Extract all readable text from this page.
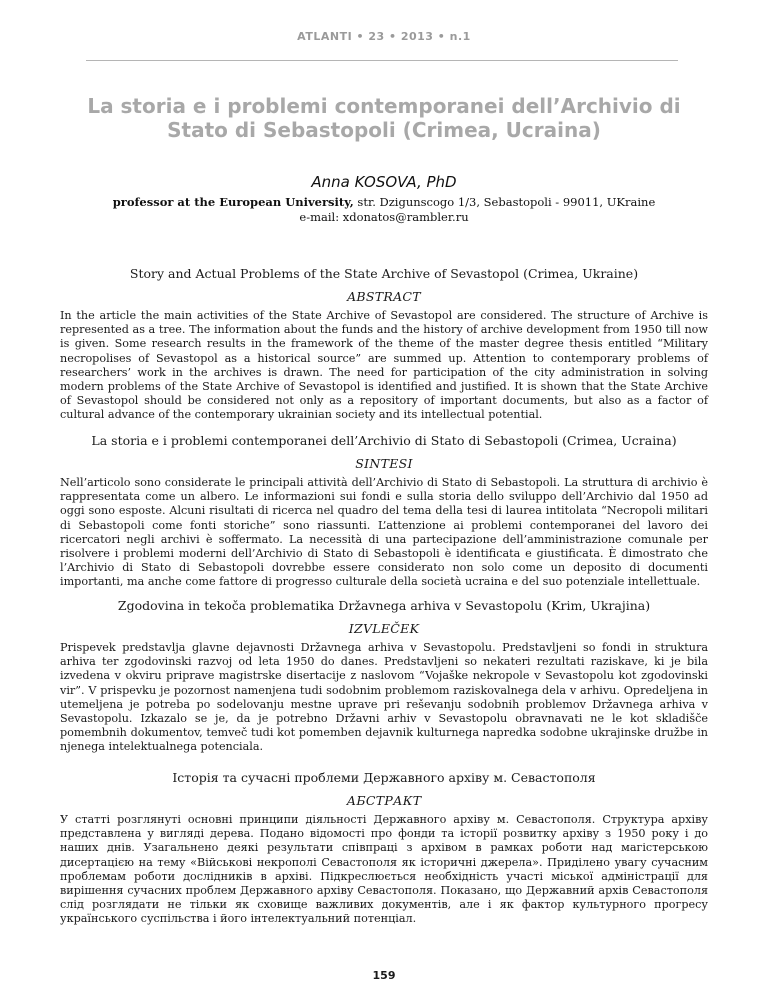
ATLANTI • 23 • 2013 • n.1
La storia e i problemi contemporanei dell’Archivio di Stato di Sebastopoli (Crimea, Ucraina)
Anna KOSOVA, PhD
professor at the European University, str. Dzigunscogo 1/3, Sebastopoli - 99011, UKraine
e-mail: xdonatos@rambler.ru
Story and Actual Problems of the State Archive of Sevastopol (Crimea, Ukraine)
ABSTRACT
In the article the main activities of the State Archive of Sevastopol are considered. The structure of Archive is represented as a tree. The information about the funds and the history of archive development from 1950 till now is given. Some research results in the framework of the theme of the master degree thesis entitled “Military necropolises of Sevastopol as a historical source” are summed up. Attention to contemporary problems of researchers’ work in the archives is drawn. The need for participation of the city administration in solving modern problems of the State Archive of Sevastopol is identified and justified. It is shown that the State Archive of Sevastopol should be considered not only as a repository of important documents, but also as a factor of cultural advance of the contemporary ukrainian society and its intellectual potential.
La storia e i problemi contemporanei dell’Archivio di Stato di Sebastopoli (Crimea, Ucraina)
SINTESI
Nell’articolo sono considerate le principali attività dell’Archivio di Stato di Sebastopoli. La struttura di archivio è rappresentata come un albero. Le informazioni sui fondi e sulla storia dello sviluppo dell’Archivio dal 1950 ad oggi sono esposte. Alcuni risultati di ricerca nel quadro del tema della tesi di laurea intitolata “Necropoli militari di Sebastopoli come fonti storiche” sono riassunti. L’attenzione ai problemi contemporanei del lavoro dei ricercatori negli archivi è soffermato. La necessità di una partecipazione dell’amministrazione comunale per risolvere i problemi moderni dell’Archivio di Stato di Sebastopoli è identificata e giustificata. È dimostrato che l’Archivio di Stato di Sebastopoli dovrebbe essere considerato non solo come un deposito di documenti importanti, ma anche come fattore di progresso culturale della società ucraina e del suo potenziale intellettuale.
Zgodovina in tekoča problematika Državnega arhiva v Sevastopolu (Krim, Ukrajina)
IZVLEČEK
Prispevek predstavlja glavne dejavnosti Državnega arhiva v Sevastopolu. Predstavljeni so fondi in struktura arhiva ter zgodovinski razvoj od leta 1950 do danes. Predstavljeni so nekateri rezultati raziskave, ki je bila izvedena v okviru priprave magistrske disertacije z naslovom “Vojaške nekropole v Sevastopolu kot zgodovinski vir”. V prispevku je pozornost namenjena tudi sodobnim problemom raziskovalnega dela v arhivu. Opredeljena in utemeljena je potreba po sodelovanju mestne uprave pri reševanju sodobnih problemov Državnega arhiva v Sevastopolu. Izkazalo se je, da je potrebno Državni arhiv v Sevastopolu obravnavati ne le kot skladišče pomembnih dokumentov, temveč tudi kot pomemben dejavnik kulturnega napredka sodobne ukrajinske družbe in njenega intelektualnega potenciala.
Історія та сучасні проблеми Державного архіву м. Севастополя
АБСТРАКТ
У статті розглянуті основні принципи діяльності Державного архіву м. Севастополя. Структура архіву представлена у вигляді дерева. Подано відомості про фонди та історії розвитку архіву з 1950 року і до наших днів. Узагальнено деякі результати співпраці з архівом в рамках роботи над магістерською дисертацією на тему «Військові некрополі Севастополя як історичні джерела». Приділено увагу сучасним проблемам роботи дослідників в архіві. Підкреслюється необхідність участі міської адміністрації для вирішення сучасних проблем Державного архіву Севастополя. Показано, що Державний архів Севастополя слід розглядати не тільки як сховище важливих документів, але і як фактор культурного прогресу українського суспільства і його інтелектуальний потенціал.
159
